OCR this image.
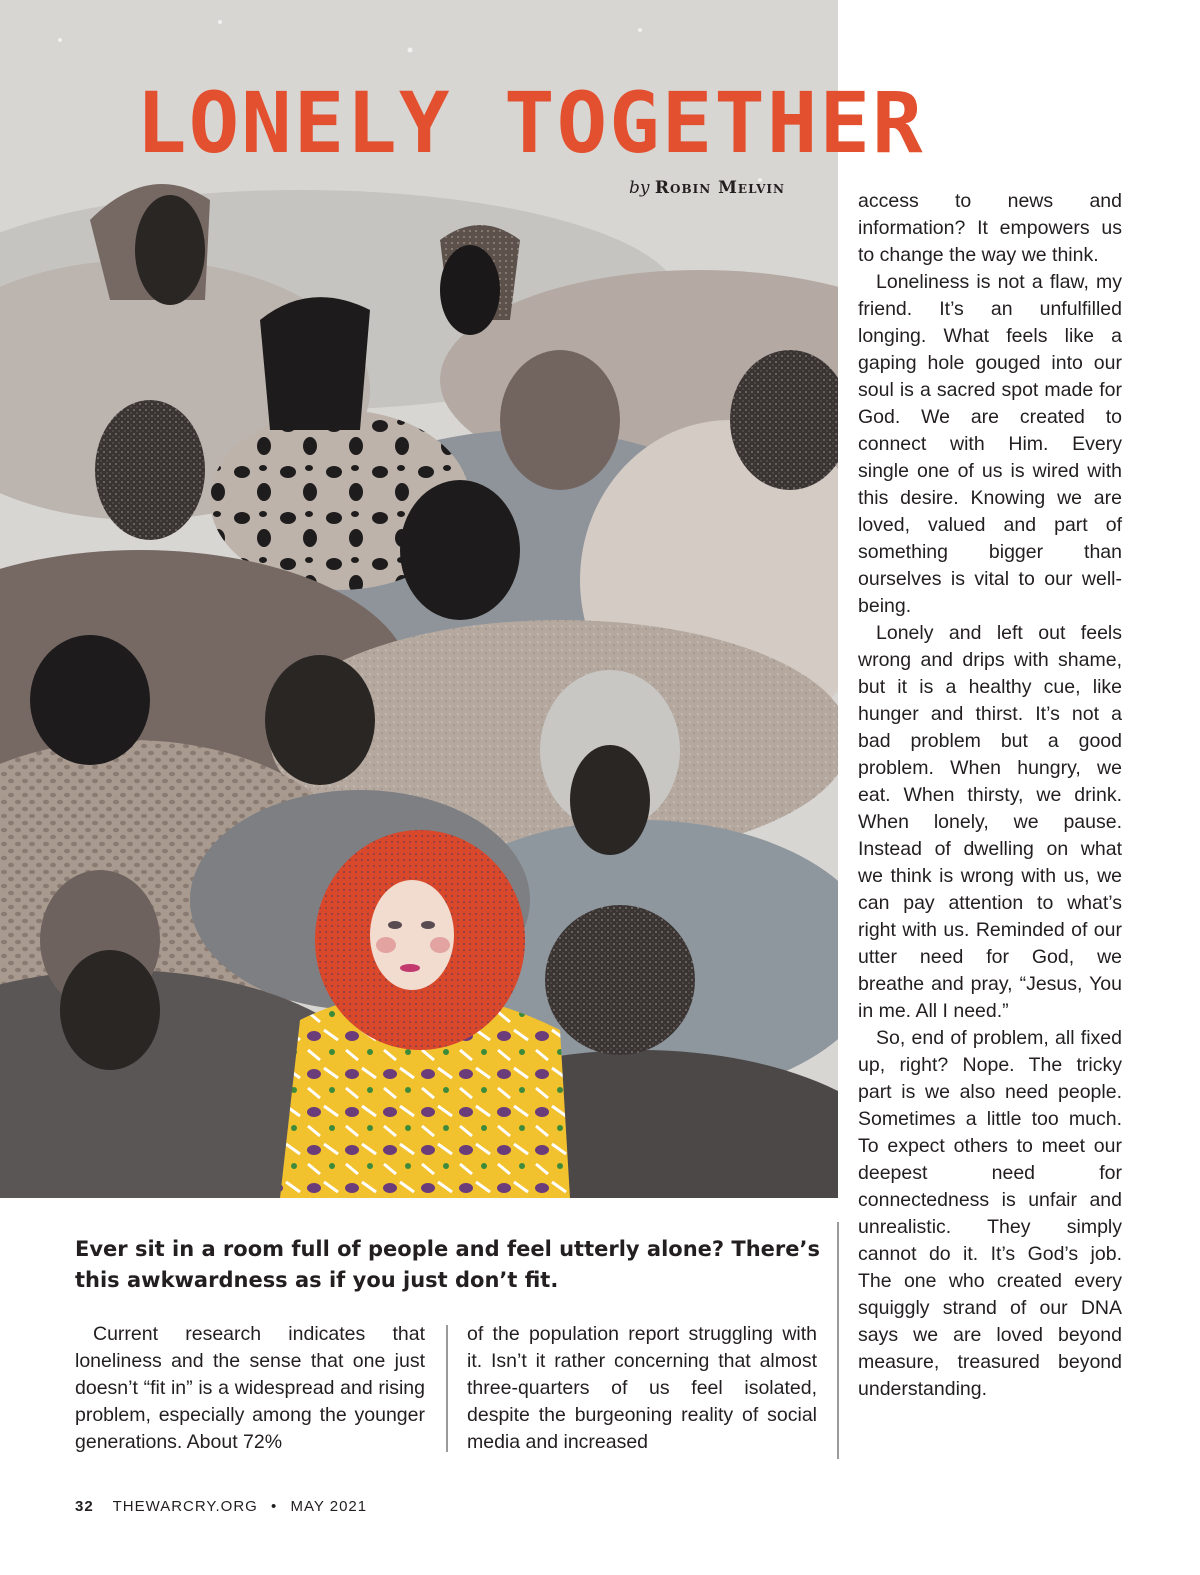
LONELY TOGETHER
by Robin Melvin

access to news and information? It empowers us to change the way we think.

Loneliness is not a flaw, my friend. It’s an unfulfilled longing. What feels like a gaping hole gouged into our soul is a sacred spot made for God. We are created to connect with Him. Every single one of us is wired with this desire. Knowing we are loved, valued and part of something bigger than ourselves is vital to our well-being.

Lonely and left out feels wrong and drips with shame, but it is a healthy cue, like hunger and thirst. It’s not a bad problem but a good problem. When hungry, we eat. When thirsty, we drink. When lonely, we pause. Instead of dwelling on what we think is wrong with us, we can pay attention to what’s right with us. Reminded of our utter need for God, we breathe and pray, “Jesus, You in me. All I need.”

So, end of problem, all fixed up, right? Nope. The tricky part is we also need people. Sometimes a little too much. To expect others to meet our deepest need for connectedness is unfair and unrealistic. They simply cannot do it. It’s God’s job. The one who created every squiggly strand of our DNA says we are loved beyond measure, treasured beyond understanding.

Ever sit in a room full of people and feel utterly alone? There’s this awkwardness as if you just don’t fit.

Current research indicates that loneliness and the sense that one just doesn’t “fit in” is a widespread and rising problem, especially among the younger generations. About 72%

of the population report struggling with it. Isn’t it rather concerning that almost three-quarters of us feel isolated, despite the burgeoning reality of social media and increased

32 THEWARCRY.ORG • MAY 2021
